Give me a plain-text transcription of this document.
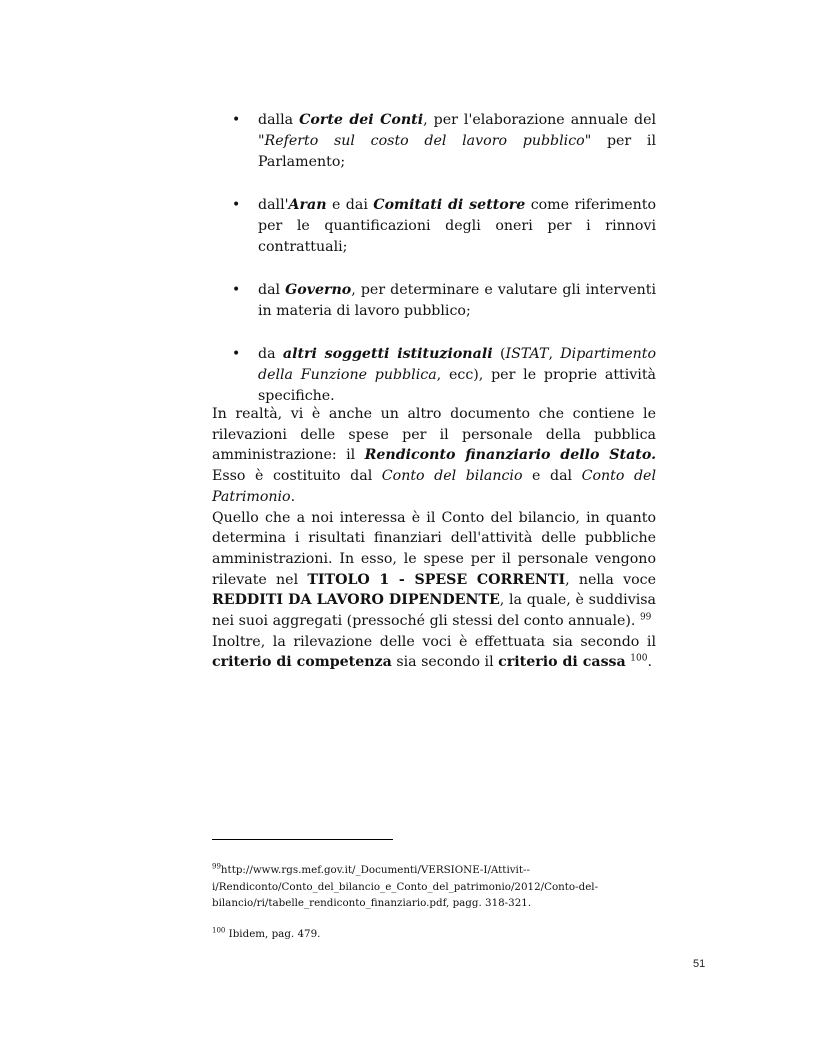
• dalla Corte dei Conti, per l'elaborazione annuale del "Referto sul costo del lavoro pubblico" per il Parlamento;
• dall'Aran e dai Comitati di settore come riferimento per le quantificazioni degli oneri per i rinnovi contrattuali;
• dal Governo, per determinare e valutare gli interventi in materia di lavoro pubblico;
• da altri soggetti istituzionali (ISTAT, Dipartimento della Funzione pubblica, ecc), per le proprie attività specifiche.

In realtà, vi è anche un altro documento che contiene le rilevazioni delle spese per il personale della pubblica amministrazione: il Rendiconto finanziario dello Stato. Esso è costituito dal Conto del bilancio e dal Conto del Patrimonio.

Quello che a noi interessa è il Conto del bilancio, in quanto determina i risultati finanziari dell'attività delle pubbliche amministrazioni. In esso, le spese per il personale vengono rilevate nel TITOLO 1 - SPESE CORRENTI, nella voce REDDITI DA LAVORO DIPENDENTE, la quale, è suddivisa nei suoi aggregati (pressoché gli stessi del conto annuale). $^{99}$

Inoltre, la rilevazione delle voci è effettuata sia secondo il criterio di competenza sia secondo il criterio di cassa $^{100}$.

$^{99}$http://www.rgs.mef.gov.it/_Documenti/VERSIONE-I/Attivit--i/Rendiconto/Conto_del_bilancio_e_Conto_del_patrimonio/2012/Conto-del-bilancio/ri/tabelle_rendiconto_finanziario.pdf, pagg. 318-321.
$^{100}$ Ibidem, pag. 479.
51
